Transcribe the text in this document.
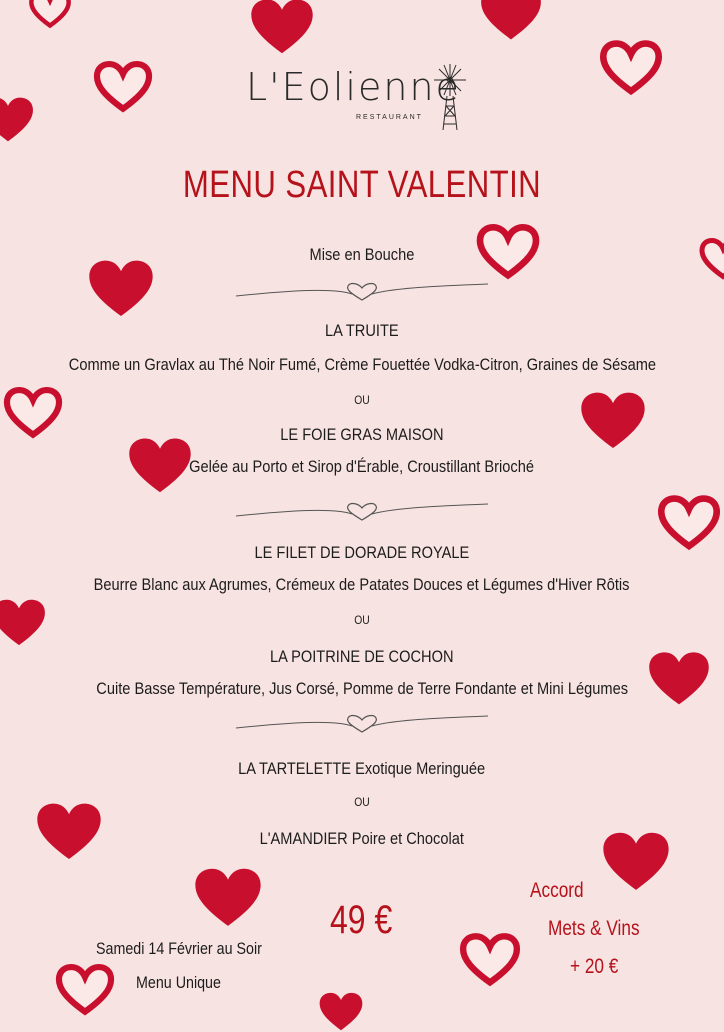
L'Eolienne
RESTAURANT
MENU SAINT VALENTIN
Mise en Bouche
LA TRUITE
Comme un Gravlax au Thé Noir Fumé, Crème Fouettée Vodka-Citron, Graines de Sésame
OU
LE FOIE GRAS MAISON
Gelée au Porto et Sirop d'Érable, Croustillant Brioché
LE FILET DE DORADE ROYALE
Beurre Blanc aux Agrumes, Crémeux de Patates Douces et Légumes d'Hiver Rôtis
OU
LA POITRINE DE COCHON
Cuite Basse Température, Jus Corsé, Pomme de Terre Fondante et Mini Légumes
LA TARTELETTE Exotique Meringuée
OU
L'AMANDIER Poire et Chocolat
49 €
Accord
Mets & Vins
+ 20 €
Samedi 14 Février au Soir
Menu Unique
